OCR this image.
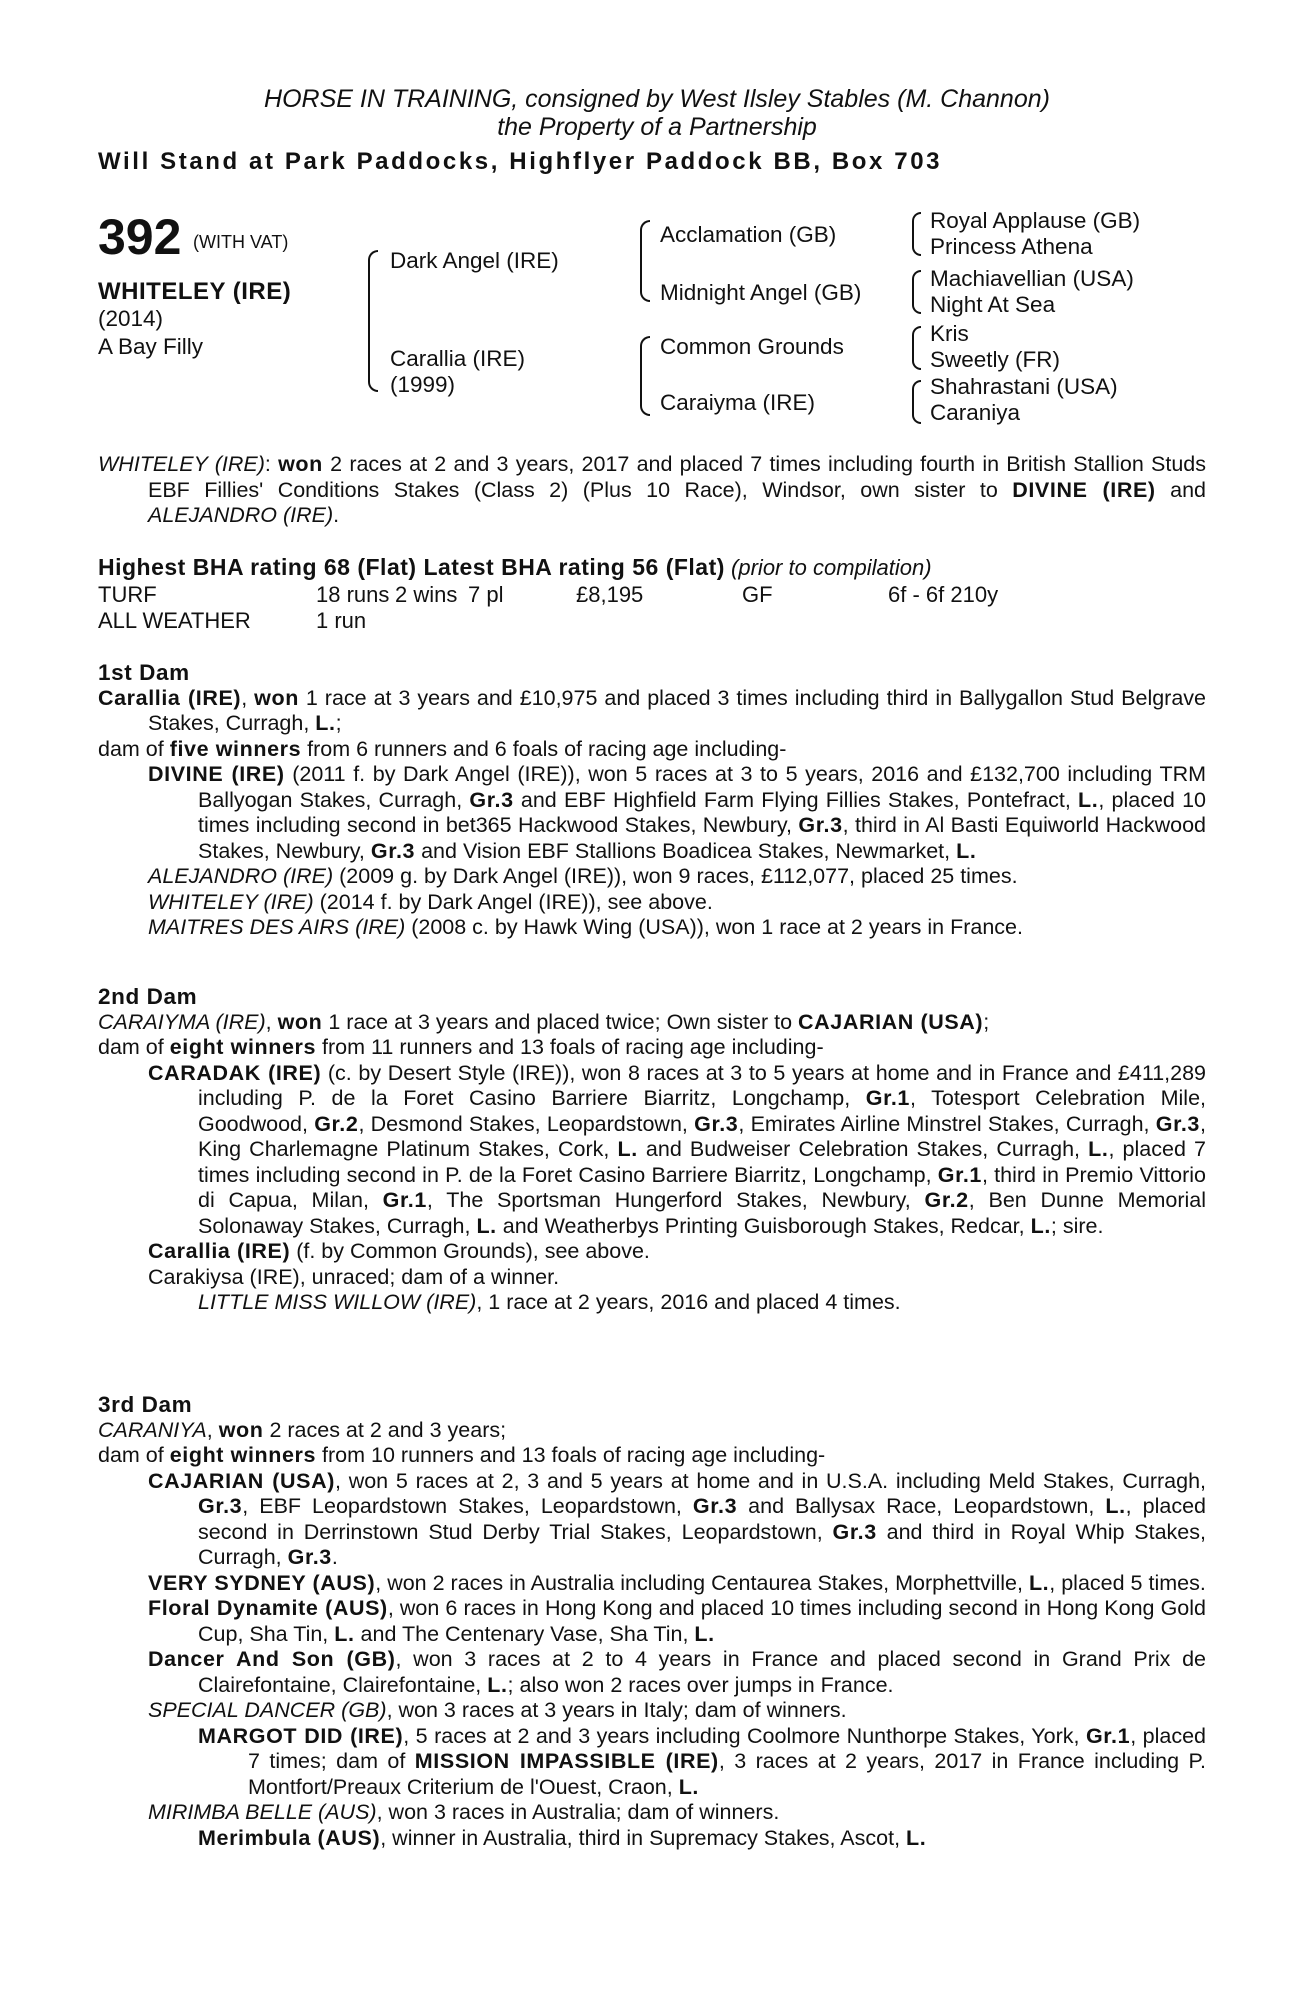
HORSE IN TRAINING, consigned by West Ilsley Stables (M. Channon)
the Property of a Partnership
Will Stand at Park Paddocks, Highflyer Paddock BB, Box 703
392 (WITH VAT)
WHITELEY (IRE)
(2014)
A Bay Filly
Dark Angel (IRE)
Carallia (IRE)
(1999)
Acclamation (GB)
Midnight Angel (GB)
Common Grounds
Caraiyma (IRE)
Royal Applause (GB)
Princess Athena
Machiavellian (USA)
Night At Sea
Kris
Sweetly (FR)
Shahrastani (USA)
Caraniya

WHITELEY (IRE): won 2 races at 2 and 3 years, 2017 and placed 7 times including fourth in British Stallion Studs EBF Fillies' Conditions Stakes (Class 2) (Plus 10 Race), Windsor, own sister to DIVINE (IRE) and ALEJANDRO (IRE).

Highest BHA rating 68 (Flat) Latest BHA rating 56 (Flat) (prior to compilation)
TURF	18 runs 2 wins 7 pl	£8,195	GF	6f - 6f 210y
ALL WEATHER	1 run

1st Dam

Carallia (IRE), won 1 race at 3 years and £10,975 and placed 3 times including third in Ballygallon Stud Belgrave Stakes, Curragh, L.;

dam of five winners from 6 runners and 6 foals of racing age including-

DIVINE (IRE) (2011 f. by Dark Angel (IRE)), won 5 races at 3 to 5 years, 2016 and £132,700 including TRM Ballyogan Stakes, Curragh, Gr.3 and EBF Highfield Farm Flying Fillies Stakes, Pontefract, L., placed 10 times including second in bet365 Hackwood Stakes, Newbury, Gr.3, third in Al Basti Equiworld Hackwood Stakes, Newbury, Gr.3 and Vision EBF Stallions Boadicea Stakes, Newmarket, L.

ALEJANDRO (IRE) (2009 g. by Dark Angel (IRE)), won 9 races, £112,077, placed 25 times.

WHITELEY (IRE) (2014 f. by Dark Angel (IRE)), see above.

MAITRES DES AIRS (IRE) (2008 c. by Hawk Wing (USA)), won 1 race at 2 years in France.

2nd Dam

CARAIYMA (IRE), won 1 race at 3 years and placed twice; Own sister to CAJARIAN (USA);

dam of eight winners from 11 runners and 13 foals of racing age including-

CARADAK (IRE) (c. by Desert Style (IRE)), won 8 races at 3 to 5 years at home and in France and £411,289 including P. de la Foret Casino Barriere Biarritz, Longchamp, Gr.1, Totesport Celebration Mile, Goodwood, Gr.2, Desmond Stakes, Leopardstown, Gr.3, Emirates Airline Minstrel Stakes, Curragh, Gr.3, King Charlemagne Platinum Stakes, Cork, L. and Budweiser Celebration Stakes, Curragh, L., placed 7 times including second in P. de la Foret Casino Barriere Biarritz, Longchamp, Gr.1, third in Premio Vittorio di Capua, Milan, Gr.1, The Sportsman Hungerford Stakes, Newbury, Gr.2, Ben Dunne Memorial Solonaway Stakes, Curragh, L. and Weatherbys Printing Guisborough Stakes, Redcar, L.; sire.

Carallia (IRE) (f. by Common Grounds), see above.

Carakiysa (IRE), unraced; dam of a winner.

LITTLE MISS WILLOW (IRE), 1 race at 2 years, 2016 and placed 4 times.

3rd Dam

CARANIYA, won 2 races at 2 and 3 years;

dam of eight winners from 10 runners and 13 foals of racing age including-

CAJARIAN (USA), won 5 races at 2, 3 and 5 years at home and in U.S.A. including Meld Stakes, Curragh, Gr.3, EBF Leopardstown Stakes, Leopardstown, Gr.3 and Ballysax Race, Leopardstown, L., placed second in Derrinstown Stud Derby Trial Stakes, Leopardstown, Gr.3 and third in Royal Whip Stakes, Curragh, Gr.3.

VERY SYDNEY (AUS), won 2 races in Australia including Centaurea Stakes, Morphettville, L., placed 5 times.

Floral Dynamite (AUS), won 6 races in Hong Kong and placed 10 times including second in Hong Kong Gold Cup, Sha Tin, L. and The Centenary Vase, Sha Tin, L.

Dancer And Son (GB), won 3 races at 2 to 4 years in France and placed second in Grand Prix de Clairefontaine, Clairefontaine, L.; also won 2 races over jumps in France.

SPECIAL DANCER (GB), won 3 races at 3 years in Italy; dam of winners.

MARGOT DID (IRE), 5 races at 2 and 3 years including Coolmore Nunthorpe Stakes, York, Gr.1, placed 7 times; dam of MISSION IMPASSIBLE (IRE), 3 races at 2 years, 2017 in France including P. Montfort/Preaux Criterium de l'Ouest, Craon, L.

MIRIMBA BELLE (AUS), won 3 races in Australia; dam of winners.

Merimbula (AUS), winner in Australia, third in Supremacy Stakes, Ascot, L.
